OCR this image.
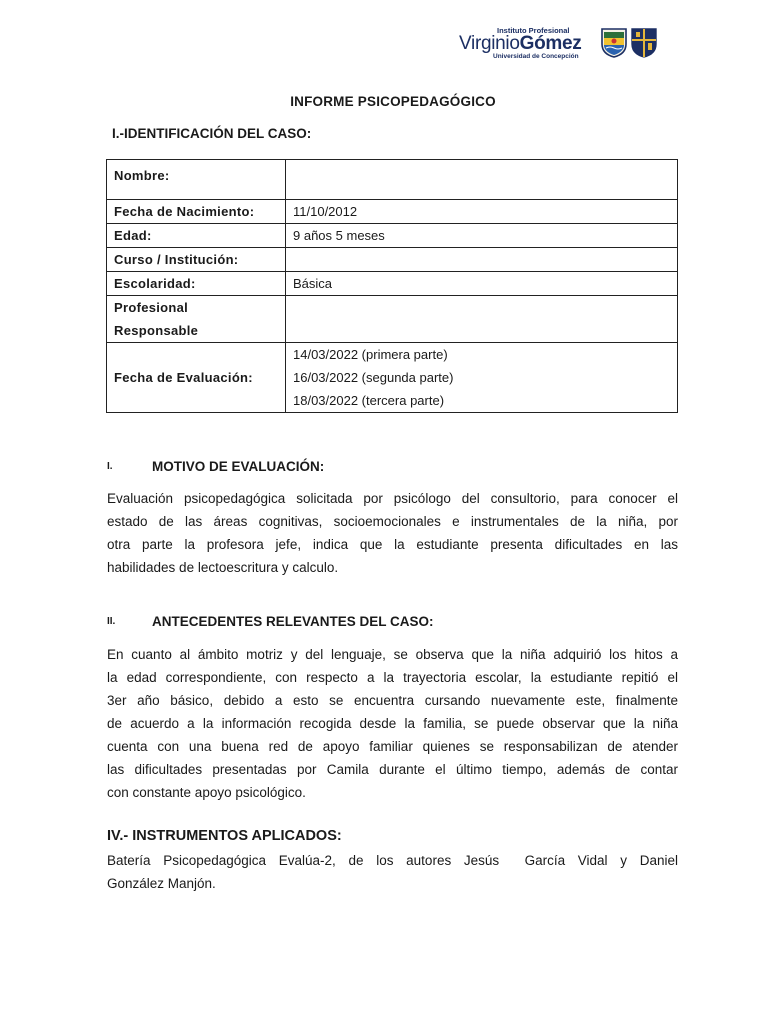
Instituto Profesional
VirginioGómez
Universidad de Concepción
INFORME PSICOPEDAGÓGICO
I.-IDENTIFICACIÓN DEL CASO:
Nombre:	
Fecha de Nacimiento:	11/10/2012
Edad:	9 años 5 meses
Curso / Institución:	
Escolaridad:	Básica

Profesional
Responsable	

Fecha de Evaluación:	14/03/2022 (primera parte)
16/03/2022 (segunda parte)
18/03/2022 (tercera parte)
I.	MOTIVO DE EVALUACIÓN:
Evaluación psicopedagógica solicitada por psicólogo del consultorio, para conocer el
estado de las áreas cognitivas, socioemocionales e instrumentales de la niña, por
otra parte la profesora jefe, indica que la estudiante presenta dificultades en las
habilidades de lectoescritura y calculo.
II.	ANTECEDENTES RELEVANTES DEL CASO:
En cuanto al ámbito motriz y del lenguaje, se observa que la niña adquirió los hitos a
la edad correspondiente, con respecto a la trayectoria escolar, la estudiante repitió el
3er año básico, debido a esto se encuentra cursando nuevamente este, finalmente
de acuerdo a la información recogida desde la familia, se puede observar que la niña
cuenta con una buena red de apoyo familiar quienes se responsabilizan de atender
las dificultades presentadas por Camila durante el último tiempo, además de contar
con constante apoyo psicológico.
IV.- INSTRUMENTOS APLICADOS:
Batería Psicopedagógica Evalúa-2, de los autores Jesús  García Vidal y Daniel
González Manjón.
